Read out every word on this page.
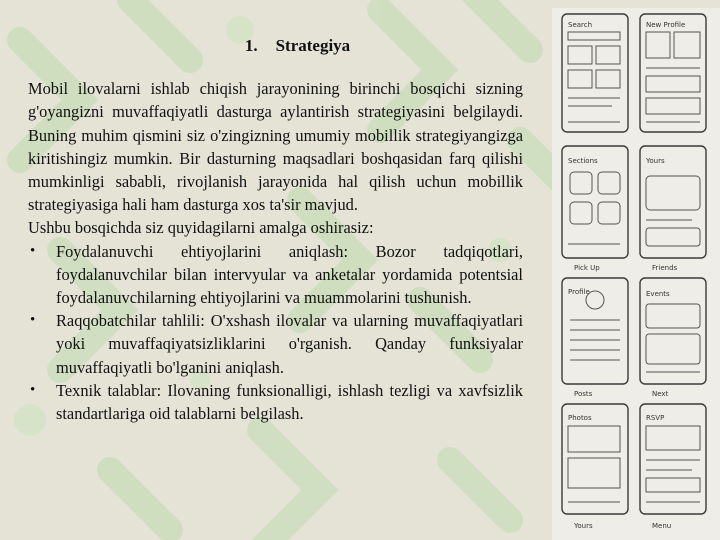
Search	New Profile
Sections	Yours
Profile	Events
Photos	RSVP
Pick Up	Friends
Posts	Next
Yours	Menu
1. Strategiya

Mobil ilovalarni ishlab chiqish jarayonining birinchi bosqichi sizning g'oyangizni muvaffaqiyatli dasturga aylantirish strategiyasini belgilaydi. Buning muhim qismini siz o'zingizning umumiy mobillik strategiyangizga kiritishingiz mumkin. Bir dasturning maqsadlari boshqasidan farq qilishi mumkinligi sababli, rivojlanish jarayonida hal qilish uchun mobillik strategiyasiga hali ham dasturga xos ta'sir mavjud.

Ushbu bosqichda siz quyidagilarni amalga oshirasiz:

• Foydalanuvchi ehtiyojlarini aniqlash: Bozor tadqiqotlari, foydalanuvchilar bilan intervyular va anketalar yordamida potentsial foydalanuvchilarning ehtiyojlarini va muammolarini tushunish.
• Raqqobatchilar tahlili: O'xshash ilovalar va ularning muvaffaqiyatlari yoki muvaffaqiyatsizliklarini o'rganish. Qanday funksiyalar muvaffaqiyatli bo'lganini aniqlash.
• Texnik talablar: Ilovaning funksionalligi, ishlash tezligi va xavfsizlik standartlariga oid talablarni belgilash.
